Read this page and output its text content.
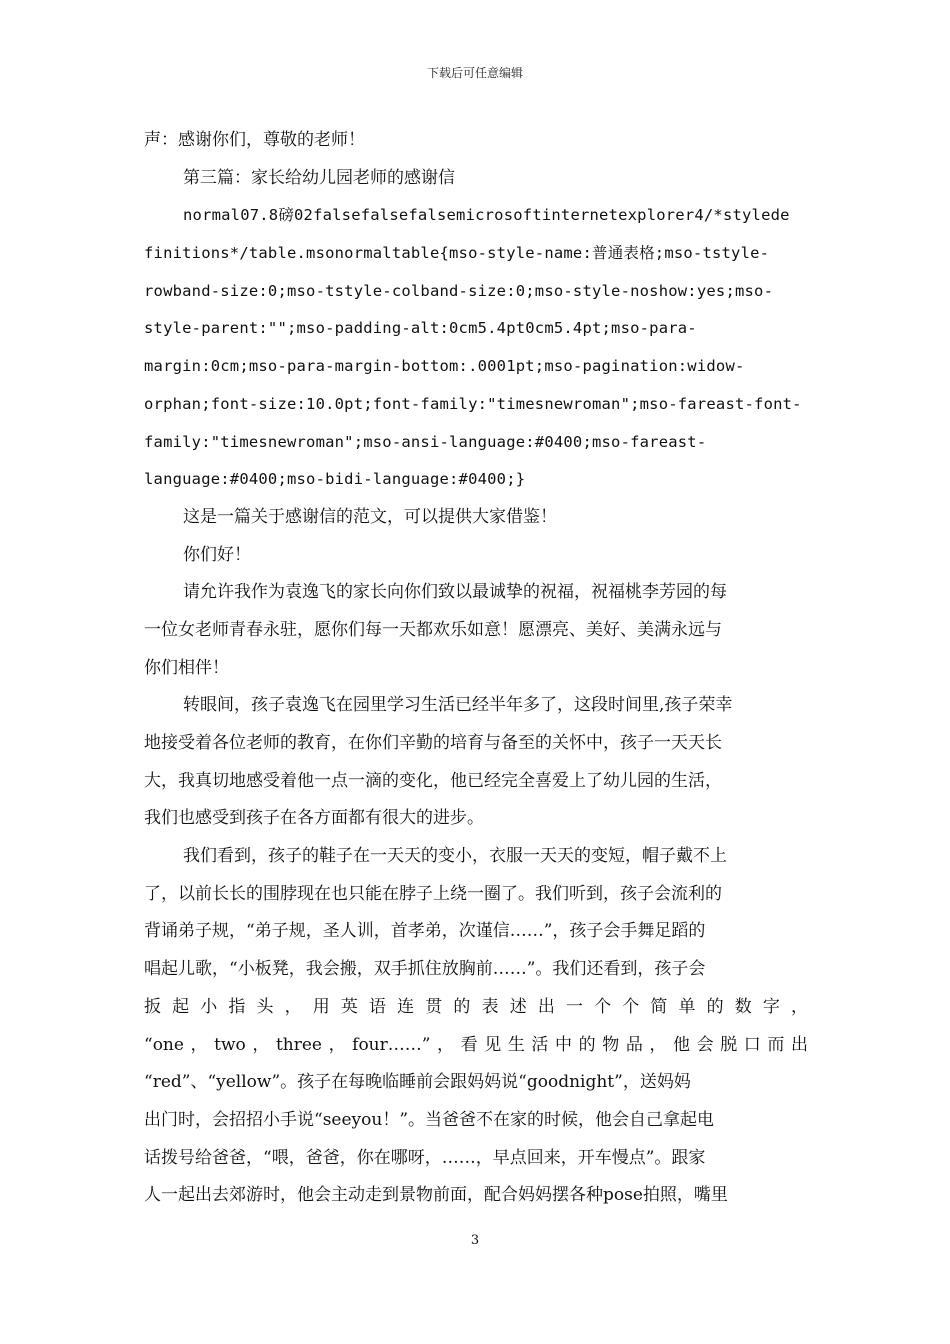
下载后可任意编辑
声：感谢你们，尊敬的老师！
第三篇：家长给幼儿园老师的感谢信
normal07.8磅02falsefalsefalsemicrosoftinternetexplorer4/*stylede
finitions*/table.msonormaltable{mso-style-name:普通表格;mso-tstyle-
rowband-size:0;mso-tstyle-colband-size:0;mso-style-noshow:yes;mso-
style-parent:"";mso-padding-alt:0cm5.4pt0cm5.4pt;mso-para-
margin:0cm;mso-para-margin-bottom:.0001pt;mso-pagination:widow-
orphan;font-size:10.0pt;font-family:"timesnewroman";mso-fareast-font-
family:"timesnewroman";mso-ansi-language:#0400;mso-fareast-
language:#0400;mso-bidi-language:#0400;}
这是一篇关于感谢信的范文，可以提供大家借鉴！
你们好！
请允许我作为袁逸飞的家长向你们致以最诚挚的祝福，祝福桃李芳园的每
一位女老师青春永驻，愿你们每一天都欢乐如意！愿漂亮、美好、美满永远与
你们相伴！
转眼间，孩子袁逸飞在园里学习生活已经半年多了，这段时间里,孩子荣幸
地接受着各位老师的教育，在你们辛勤的培育与备至的关怀中，孩子一天天长
大，我真切地感受着他一点一滴的变化，他已经完全喜爱上了幼儿园的生活，
我们也感受到孩子在各方面都有很大的进步。
我们看到，孩子的鞋子在一天天的变小，衣服一天天的变短，帽子戴不上
了，以前长长的围脖现在也只能在脖子上绕一圈了。我们听到，孩子会流利的
背诵弟子规，“弟子规，圣人训，首孝弟，次谨信……”，孩子会手舞足蹈的
唱起儿歌，“小板凳，我会搬，双手抓住放胸前……”。我们还看到，孩子会
扳起小指头，用英语连贯的表述出一个个简单的数字，
“one，two，three，four……”，看见生活中的物品，他会脱口而出
“red”、“yellow”。孩子在每晚临睡前会跟妈妈说“goodnight”，送妈妈
出门时，会招招小手说“seeyou！”。当爸爸不在家的时候，他会自己拿起电
话拨号给爸爸，“喂，爸爸，你在哪呀，……，早点回来，开车慢点”。跟家
人一起出去郊游时，他会主动走到景物前面，配合妈妈摆各种pose拍照，嘴里
3
